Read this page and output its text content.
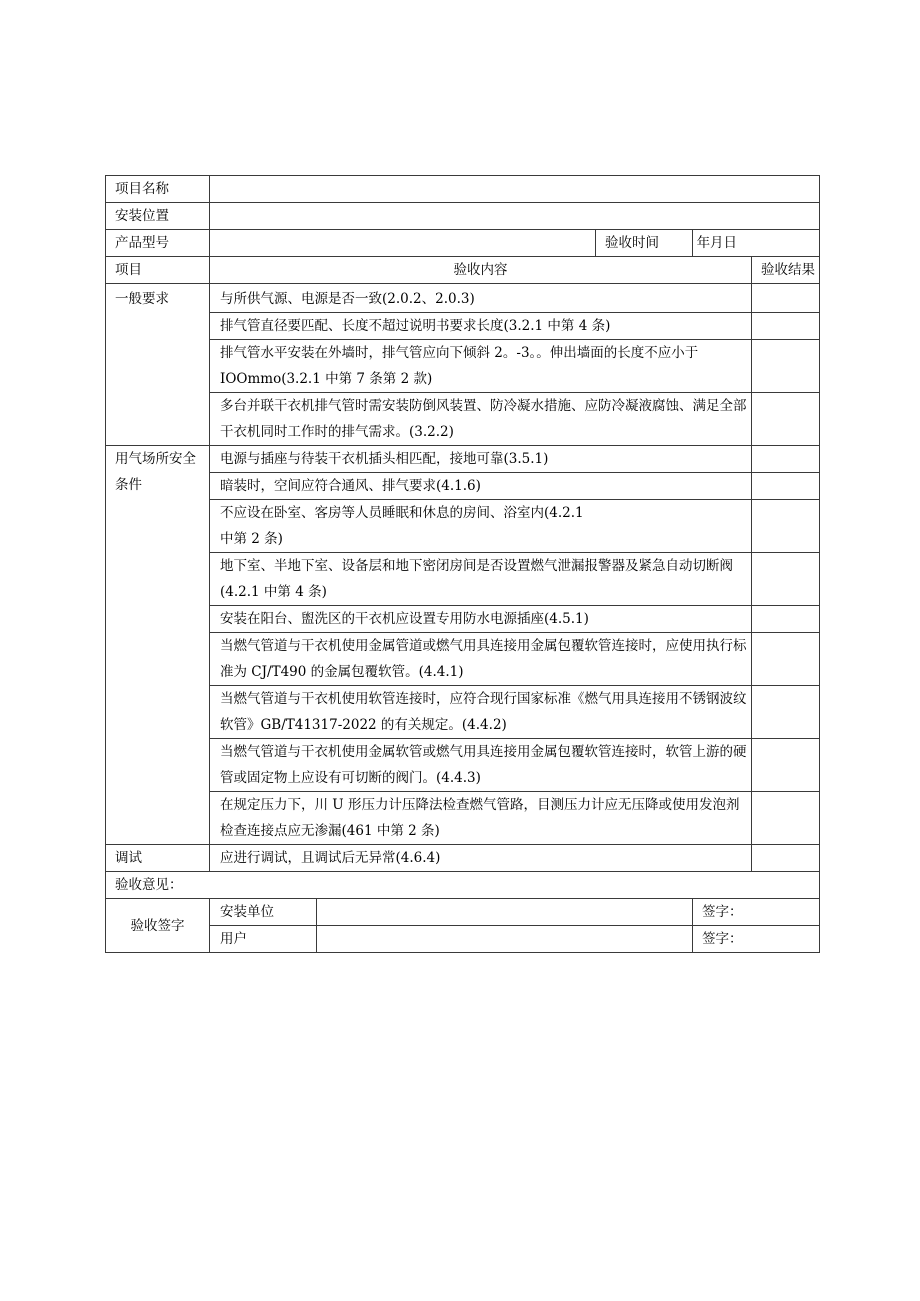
项目名称					
安装位置					
产品型号			验收时间	年月日	
项目	验收内容				验收结果
一般要求	与所供气源、电源是否一致(2.0.2、2.0.3)				
	排气管直径要匹配、长度不超过说明书要求长度(3.2.1 中第 4 条)				
	排气管水平安装在外墙时，排气管应向下倾斜 2。-3。。伸出墙面的长度不应小于 IOOmmo(3.2.1 中第 7 条第 2 款)				
	多台并联干衣机排气管时需安装防倒风装置、防冷凝水措施、应防冷凝液腐蚀、满足全部干衣机同时工作时的排气需求。(3.2.2)				
用气场所安全条件	电源与插座与待装干衣机插头相匹配，接地可靠(3.5.1)				
	暗装时，空间应符合通风、排气要求(4.1.6)				
	不应设在卧室、客房等人员睡眠和休息的房间、浴室内(4.2.1 中第 2 条)				
	地下室、半地下室、设备层和地下密闭房间是否设置燃气泄漏报警器及紧急自动切断阀(4.2.1 中第 4 条)				
	安装在阳台、盥洗区的干衣机应设置专用防水电源插座(4.5.1)				
	当燃气管道与干衣机使用金属管道或燃气用具连接用金属包覆软管连接时，应使用执行标准为 CJ/T490 的金属包覆软管。(4.4.1)				
	当燃气管道与干衣机使用软管连接时，应符合现行国家标准《燃气用具连接用不锈钢波纹软管》GB/T41317-2022 的有关规定。(4.4.2)				
	当燃气管道与干衣机使用金属软管或燃气用具连接用金属包覆软管连接时，软管上游的硬管或固定物上应设有可切断的阀门。(4.4.3)				
	在规定压力下，川 U 形压力计压降法检查燃气管路，目测压力计应无压降或使用发泡剂检查连接点应无渗漏(461 中第 2 条)				
调试	应进行调试，且调试后无异常(4.6.4)				
验收意见：					
验收签字	安装单位			签字：	
	用户			签字：	
